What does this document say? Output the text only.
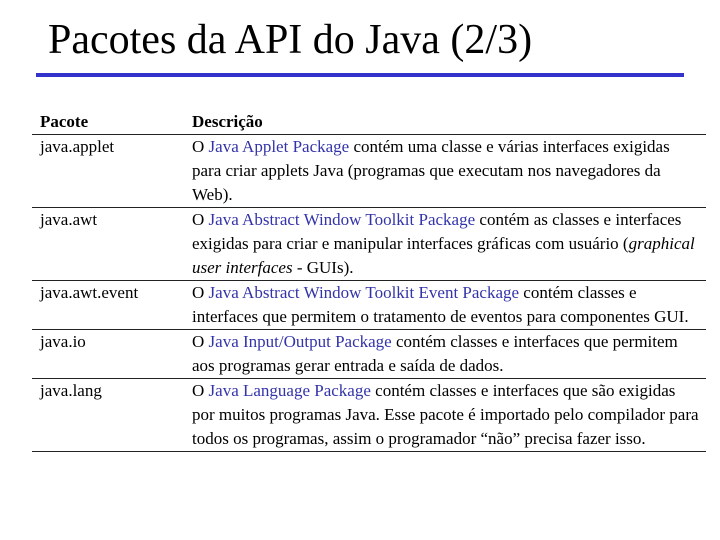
Pacotes da API do Java (2/3)
Pacote	Descrição
java.applet	O Java Applet Package contém uma classe e várias interfaces exigidas para criar applets Java (programas que executam nos navegadores da Web).
java.awt	O Java Abstract Window Toolkit Package contém as classes e interfaces exigidas para criar e manipular interfaces gráficas com usuário (graphical user interfaces - GUIs).
java.awt.event	O Java Abstract Window Toolkit Event Package contém classes e interfaces que permitem o tratamento de eventos para componentes GUI.
java.io	O Java Input/Output Package contém classes e interfaces que permitem aos programas gerar entrada e saída de dados.
java.lang	O Java Language Package contém classes e interfaces que são exigidas por muitos programas Java. Esse pacote é importado pelo compilador para todos os programas, assim o programador “não” precisa fazer isso.
